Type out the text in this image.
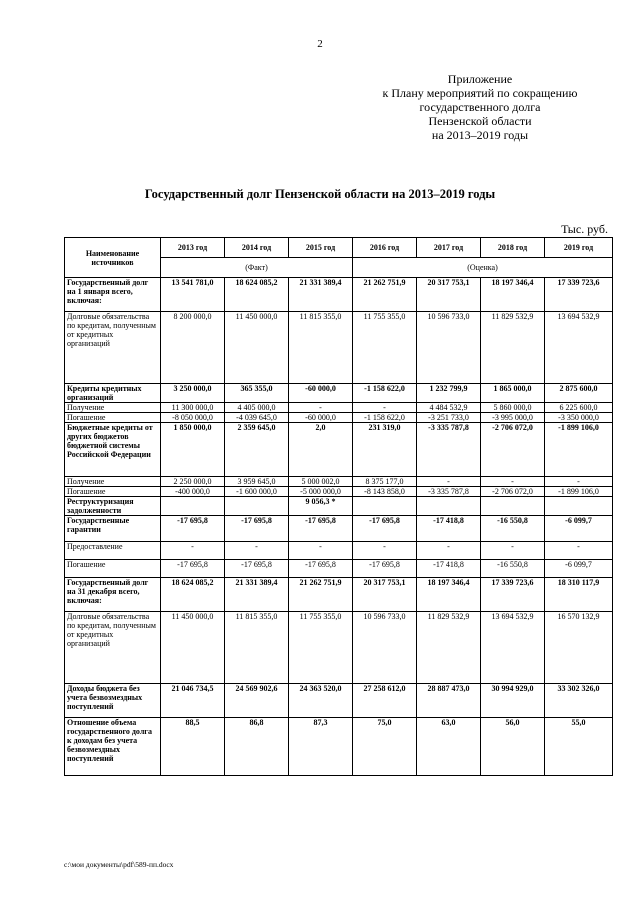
2
Приложение
к Плану мероприятий по сокращению
государственного долга
Пензенской области
на 2013–2019 годы
Государственный долг Пензенской области на 2013–2019 годы
Тыс. руб.
Наименование источников	2013 год	2014 год	2015 год	2016 год	2017 год	2018 год	2019 год
	(Факт)			(Оценка)			
Государственный долг на 1 января всего, включая:	13 541 781,0	18 624 085,2	21 331 389,4	21 262 751,9	20 317 753,1	18 197 346,4	17 339 723,6
Долговые обязательства по кредитам, полученным от кредитных организаций	8 200 000,0	11 450 000,0	11 815 355,0	11 755 355,0	10 596 733,0	11 829 532,9	13 694 532,9
Кредиты кредитных организаций	3 250 000,0	365 355,0	-60 000,0	-1 158 622,0	1 232 799,9	1 865 000,0	2 875 600,0
Получение	11 300 000,0	4 405 000,0	-	-	4 484 532,9	5 860 000,0	6 225 600,0
Погашение	-8 050 000,0	-4 039 645,0	-60 000,0	-1 158 622,0	-3 251 733,0	-3 995 000,0	-3 350 000,0
Бюджетные кредиты от других бюджетов бюджетной системы Российской Федерации	1 850 000,0	2 359 645,0	2,0	231 319,0	-3 335 787,8	-2 706 072,0	-1 899 106,0
Получение	2 250 000,0	3 959 645,0	5 000 002,0	8 375 177,0	-	-	-
Погашение	-400 000,0	-1 600 000,0	-5 000 000,0	-8 143 858,0	-3 335 787,8	-2 706 072,0	-1 899 106,0
Реструктуризация задолженности			9 056,3 *				
Государственные гарантии	-17 695,8	-17 695,8	-17 695,8	-17 695,8	-17 418,8	-16 550,8	-6 099,7
Предоставление	-	-	-	-	-	-	-
Погашение	-17 695,8	-17 695,8	-17 695,8	-17 695,8	-17 418,8	-16 550,8	-6 099,7
Государственный долг на 31 декабря всего, включая:	18 624 085,2	21 331 389,4	21 262 751,9	20 317 753,1	18 197 346,4	17 339 723,6	18 310 117,9
Долговые обязательства по кредитам, полученным от кредитных организаций	11 450 000,0	11 815 355,0	11 755 355,0	10 596 733,0	11 829 532,9	13 694 532,9	16 570 132,9
Доходы бюджета без учета безвозмездных поступлений	21 046 734,5	24 569 902,6	24 363 520,0	27 258 612,0	28 887 473,0	30 994 929,0	33 302 326,0
Отношение объема государственного долга к доходам без учета безвозмездных поступлений	88,5	86,8	87,3	75,0	63,0	56,0	55,0
c:\мои документы\pdf\589-пп.docx
